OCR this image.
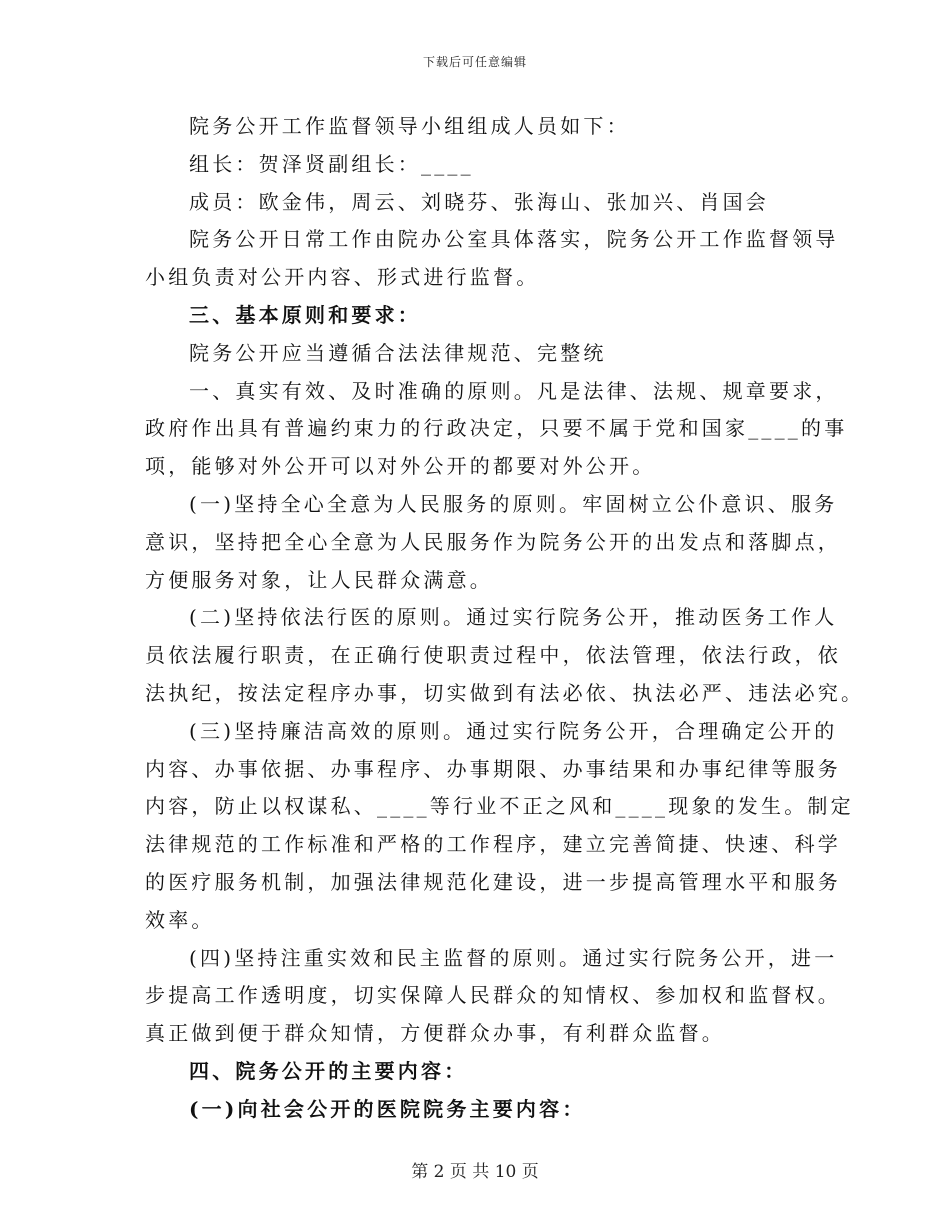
下载后可任意编辑
院务公开工作监督领导小组组成人员如下：
组长：贺泽贤副组长：____
成员：欧金伟，周云、刘晓芬、张海山、张加兴、肖国会
院务公开日常工作由院办公室具体落实，院务公开工作监督领导
小组负责对公开内容、形式进行监督。
三、基本原则和要求：
院务公开应当遵循合法法律规范、完整统
一、真实有效、及时准确的原则。凡是法律、法规、规章要求，
政府作出具有普遍约束力的行政决定，只要不属于党和国家____的事
项，能够对外公开可以对外公开的都要对外公开。
(一)坚持全心全意为人民服务的原则。牢固树立公仆意识、服务
意识，坚持把全心全意为人民服务作为院务公开的出发点和落脚点，
方便服务对象，让人民群众满意。
(二)坚持依法行医的原则。通过实行院务公开，推动医务工作人
员依法履行职责，在正确行使职责过程中，依法管理，依法行政，依
法执纪，按法定程序办事，切实做到有法必依、执法必严、违法必究。
(三)坚持廉洁高效的原则。通过实行院务公开，合理确定公开的
内容、办事依据、办事程序、办事期限、办事结果和办事纪律等服务
内容，防止以权谋私、____等行业不正之风和____现象的发生。制定
法律规范的工作标准和严格的工作程序，建立完善简捷、快速、科学
的医疗服务机制，加强法律规范化建设，进一步提高管理水平和服务
效率。
(四)坚持注重实效和民主监督的原则。通过实行院务公开，进一
步提高工作透明度，切实保障人民群众的知情权、参加权和监督权。
真正做到便于群众知情，方便群众办事，有利群众监督。
四、院务公开的主要内容：
(一)向社会公开的医院院务主要内容：
第 2 页 共 10 页
